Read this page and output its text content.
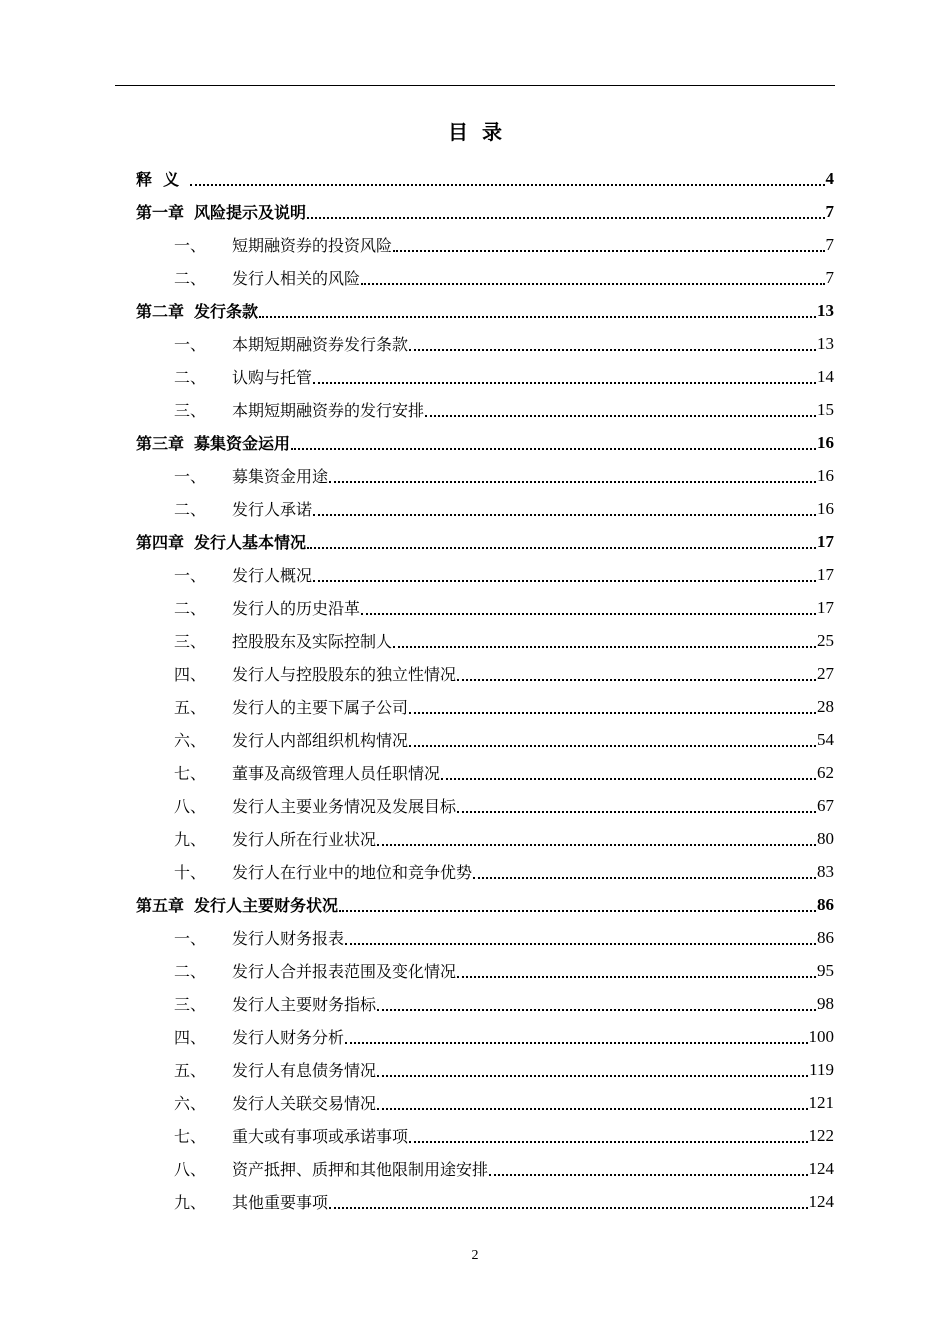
目录
释  义	4
第一章 风险提示及说明	7
一、	短期融资券的投资风险	7
二、	发行人相关的风险	7
第二章 发行条款	13
一、	本期短期融资券发行条款	13
二、	认购与托管	14
三、	本期短期融资券的发行安排	15
第三章 募集资金运用	16
一、	募集资金用途	16
二、	发行人承诺	16
第四章 发行人基本情况	17
一、	发行人概况	17
二、	发行人的历史沿革	17
三、	控股股东及实际控制人	25
四、	发行人与控股股东的独立性情况	27
五、	发行人的主要下属子公司	28
六、	发行人内部组织机构情况	54
七、	董事及高级管理人员任职情况	62
八、	发行人主要业务情况及发展目标	67
九、	发行人所在行业状况	80
十、	发行人在行业中的地位和竞争优势	83
第五章 发行人主要财务状况	86
一、	发行人财务报表	86
二、	发行人合并报表范围及变化情况	95
三、	发行人主要财务指标	98
四、	发行人财务分析	100
五、	发行人有息债务情况	119
六、	发行人关联交易情况	121
七、	重大或有事项或承诺事项	122
八、	资产抵押、质押和其他限制用途安排	124
九、	其他重要事项	124
2
